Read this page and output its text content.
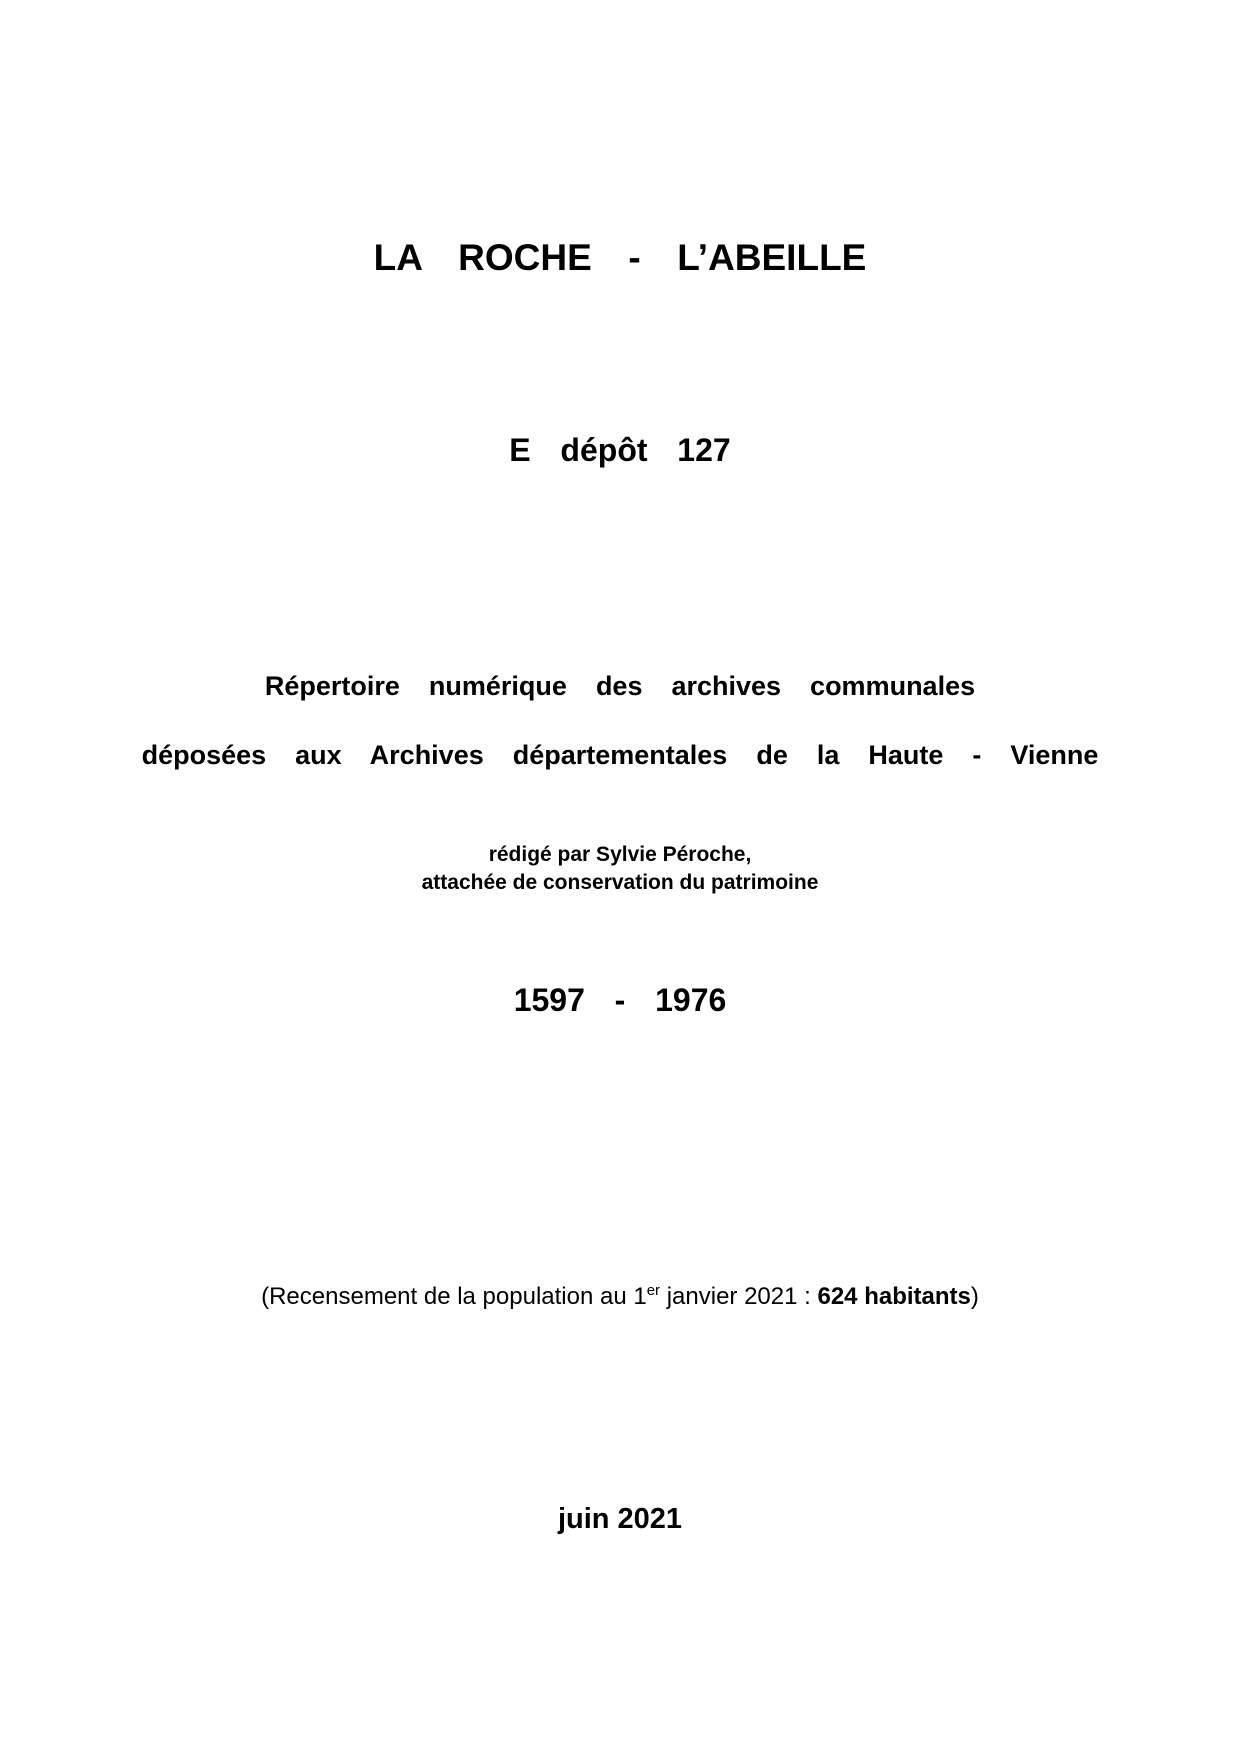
LA  ROCHE  -  L’ABEILLE

E  dépôt  127

Répertoire  numérique  des  archives  communales

déposées  aux  Archives  départementales  de  la  Haute  -  Vienne

rédigé par Sylvie Péroche,

attachée de conservation du patrimoine

1597  -  1976

(Recensement de la population au 1er janvier 2021 : 624 habitants)

juin 2021
